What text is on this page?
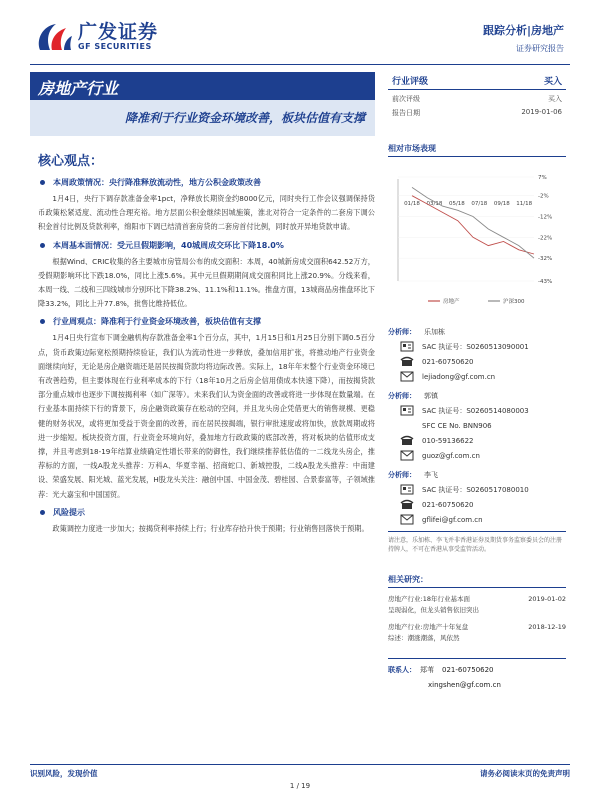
广发证券
GF SECURITIES
跟踪分析|房地产
证券研究报告
房地产行业
降准利于行业资金环境改善，板块估值有支撑
行业评级	买入
前次评级	买入
报告日期	2019-01-06
核心观点：
本周政策情况：央行降准释放流动性，地方公积金政策改善
1月4日，央行下调存款准备金率1pct，净释放长期资金约8000亿元，同时央行工作会议强调保持货币政策松紧适度、流动性合理充裕。地方层面公积金继续因城施策，淮北对符合一定条件的二套房下调公积金首付比例及贷款利率，绵阳市下调已结清首套房贷的二套房首付比例，同时放开异地贷款申请。
本周基本面情况：受元旦假期影响，40城周成交环比下降18.0%
根据Wind、CRIC收集的各主要城市房管局公布的成交面积：本周，40城新房成交面积642.52万方，受假期影响环比下跌18.0%，同比上涨5.6%。其中元旦假期期间成交面积同比上涨20.9%。分线来看，本周一线、二线和三四线城市分别环比下降38.2%、11.1%和11.1%。推盘方面，13城商品房推盘环比下降33.2%，同比上升77.8%，批售比维持低位。
行业周观点：降准利于行业资金环境改善，板块估值有支撑
1月4日央行宣布下调金融机构存款准备金率1个百分点，其中，1月15日和1月25日分别下调0.5百分点，货币政策边际宽松预期持续验证，我们认为流动性进一步释放，叠加信用扩张，将推动地产行业资金面继续向好，无论是房企融资端还是居民按揭贷款均将边际改善。实际上，18年年末整个行业资金环境已有改善趋势，但主要体现在行业利率成本的下行（18年10月之后房企信用债成本快速下降），而按揭贷款部分重点城市也逐步下调按揭利率（如广深等）。未来我们认为资金面的改善或将进一步体现在数量端。在行业基本面持续下行的背景下，房企融资政策存在松动的空间，并且龙头房企凭借更大的销售规模、更稳健的财务状况，或将更加受益于资金面的改善，而在居民按揭端，银行审批速度或将加快，放款周期或将进一步缩短。板块投资方面，行业资金环境向好，叠加地方行政政策的底部改善，将对板块的估值形成支撑，并且考虑到18-19年结算业绩确定性增长带来的防御性，我们继续推荐低估值的一二线龙头房企，推荐标的方面，一线A股龙头推荐：万科A、华夏幸福、招商蛇口、新城控股，二线A股龙头推荐：中南建设、荣盛发展、阳光城、蓝光发展，H股龙头关注：融创中国、中国金茂、碧桂园、合景泰富等，子领域推荐：光大嘉宝和中国国贸。
风险提示
政策调控力度进一步加大；按揭贷利率持续上行；行业库存拾升快于预期；行业销售回落快于预期。
相对市场表现
01/18 03/18 05/18 07/18 09/18 11/18
7%
-2%
-12%
-22%
-32%
-43%
房地产	沪深300
分析师：	乐加栋
SAC 执证号：S0260513090001
021-60750620
lejiadong@gf.com.cn
分析师：	郭镇
SAC 执证号：S0260514080003
SFC CE No. BNN906
010-59136622
guoz@gf.com.cn
分析师：	李飞
SAC 执证号：S0260517080010
021-60750620
gflifei@gf.com.cn
请注意，乐加栋、李飞并非香港证券及期货事务监察委员会的注册持牌人，不可在香港从事受监管活动。
相关研究：
房地产行业:18年行业基本面	2019-01-02
呈现弱化，但龙头销售依旧突出
房地产行业:房地产十年复盘	2018-12-19
综述：潮涨潮落，风依然
联系人： 郑苇 021-60750620
xingshen@gf.com.cn
识别风险，发现价值	请务必阅读末页的免责声明
1 / 19
